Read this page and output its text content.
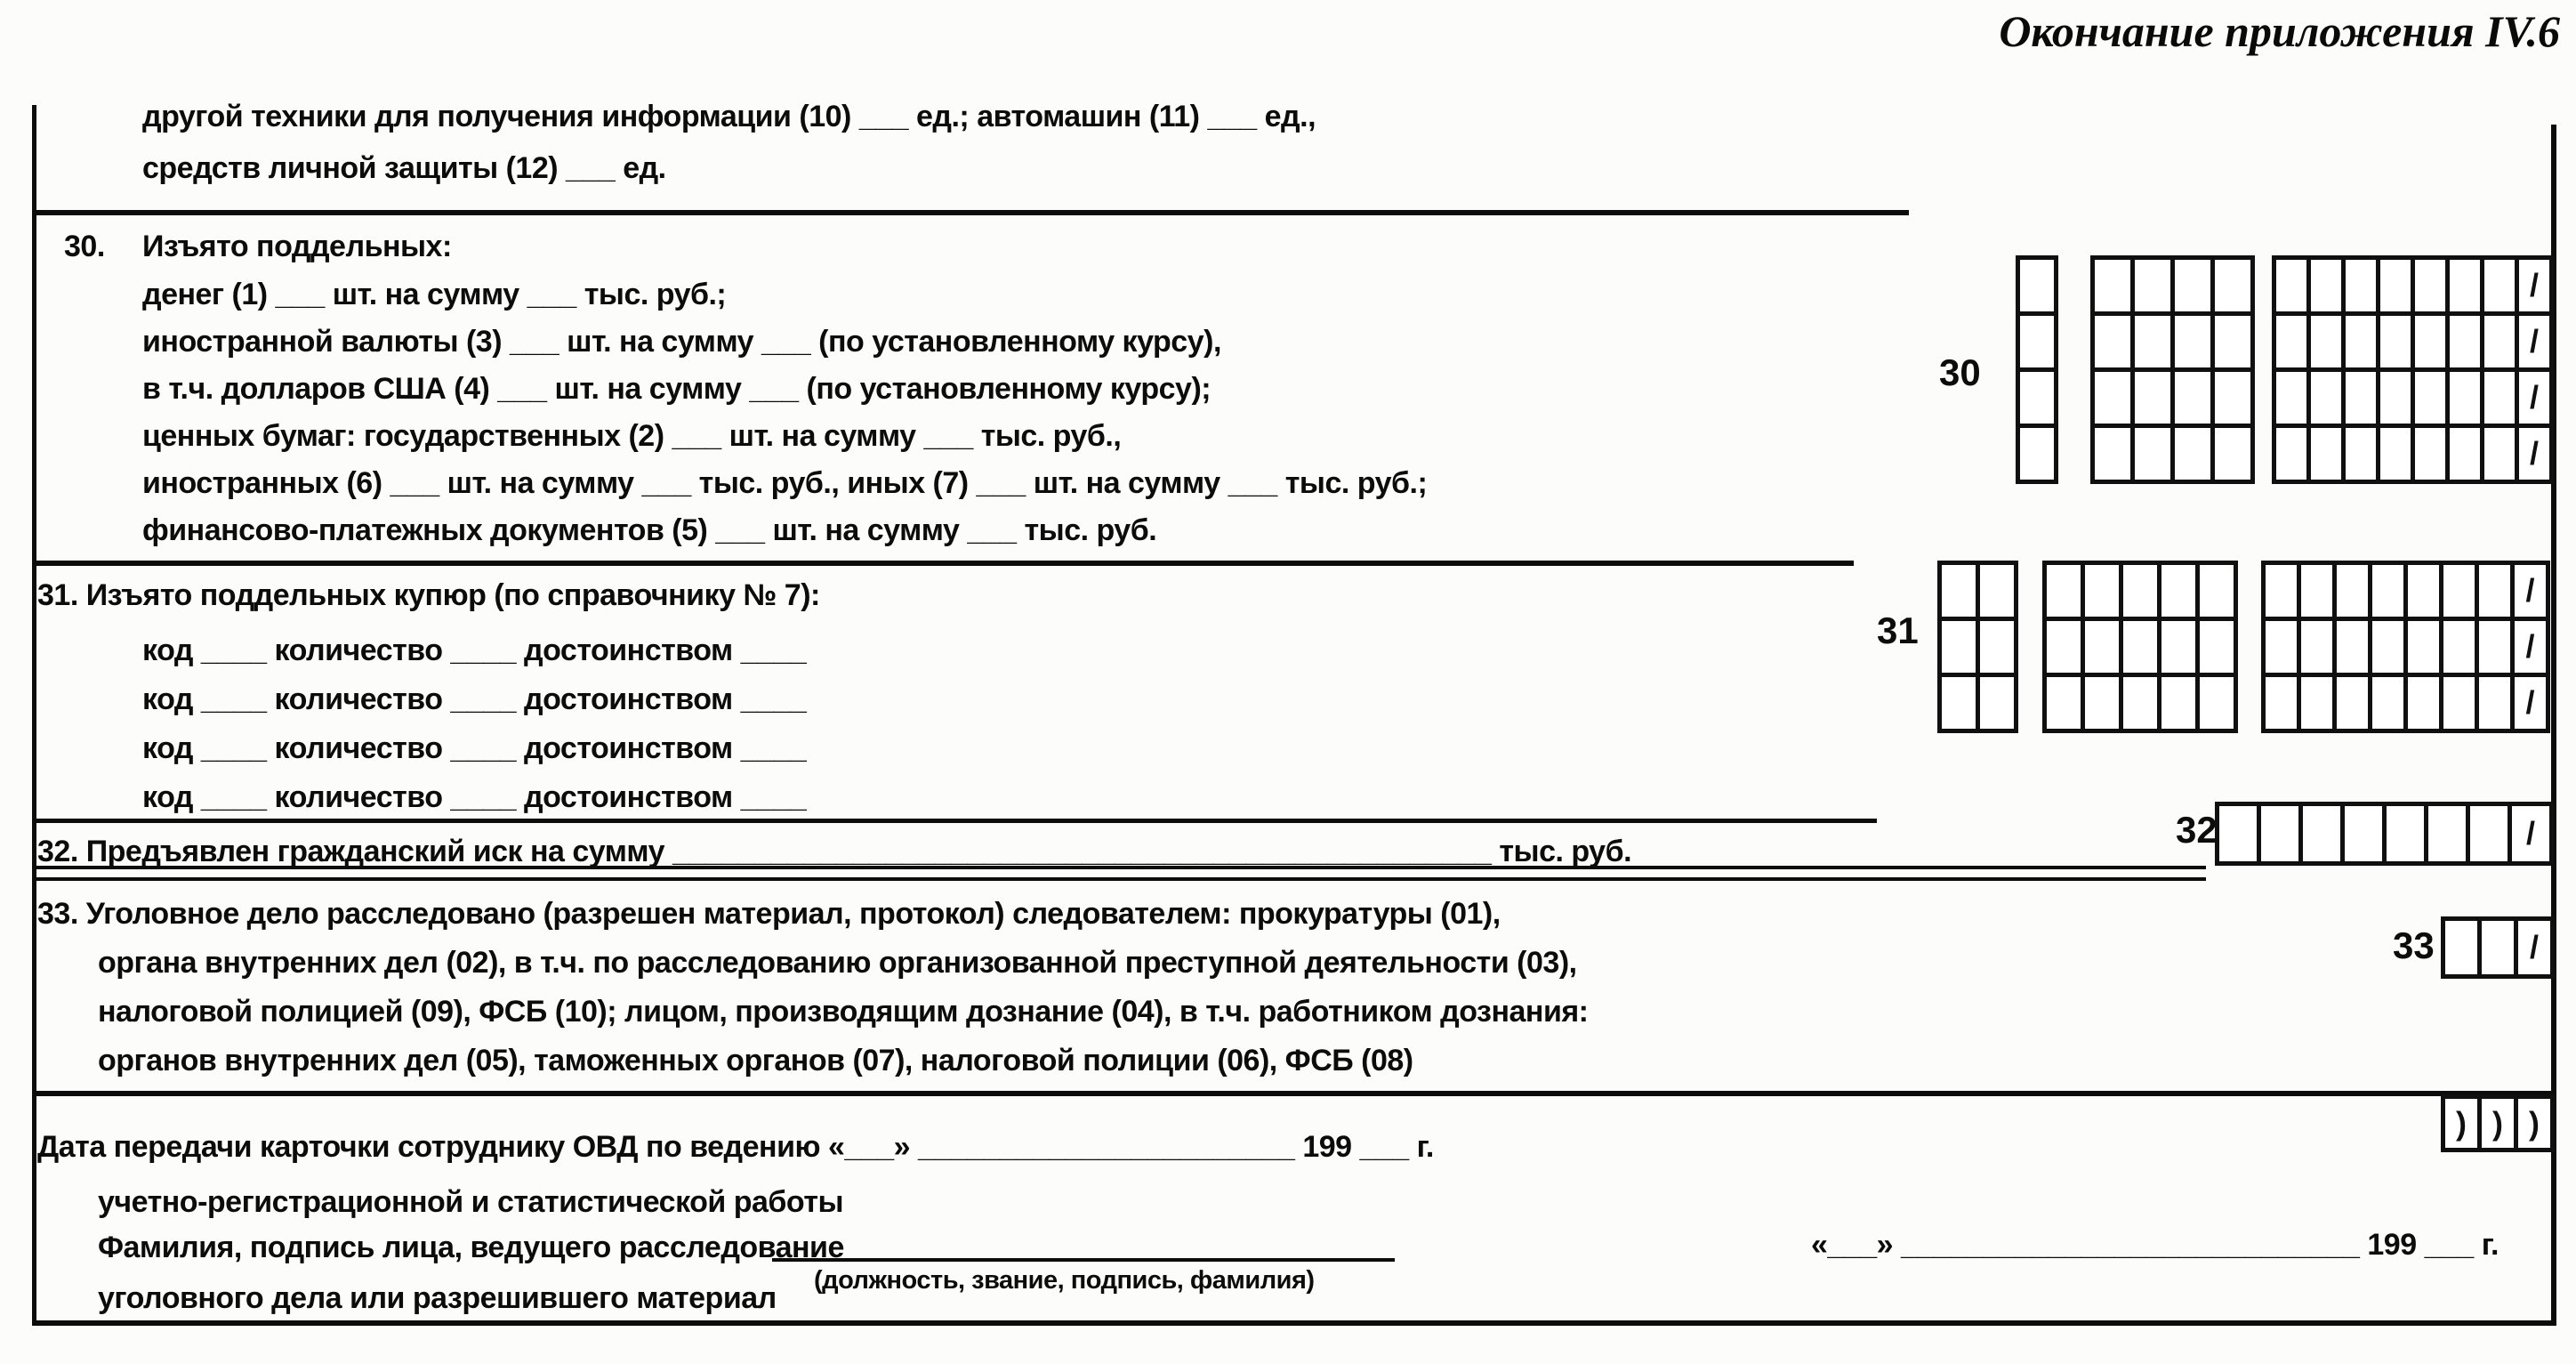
Окончание приложения IV.6
другой техники для получения информации (10) ___ ед.; автомашин (11) ___ ед.,
средств личной защиты (12) ___ ед.
30. Изъято поддельных:
денег (1) ___ шт. на сумму ___ тыс. руб.;
иностранной валюты (3) ___ шт. на сумму ___ (по установленному курсу),
в т.ч. долларов США (4) ___ шт. на сумму ___ (по установленному курсу);
ценных бумаг: государственных (2) ___ шт. на сумму ___ тыс. руб.,
иностранных (6) ___ шт. на сумму ___ тыс. руб., иных (7) ___ шт. на сумму ___ тыс. руб.;
финансово-платежных документов (5) ___ шт. на сумму ___ тыс. руб.
30

							/
							/
							/
							/
31. Изъято поддельных купюр (по справочнику № 7):
код ____ количество ____ достоинством ____
код ____ количество ____ достоинством ____
код ____ количество ____ достоинством ____
код ____ количество ____ достоинством ____
31

							/
							/
							/
32. Предъявлен гражданский иск на сумму __________________________________________________ тыс. руб.
32
								/
33. Уголовное дело расследовано (разрешен материал, протокол) следователем: прокуратуры (01),
органа внутренних дел (02), в т.ч. по расследованию организованной преступной деятельности (03),
налоговой полицией (09), ФСБ (10); лицом, производящим дознание (04), в т.ч. работником дознания:
органов внутренних дел (05), таможенных органов (07), налоговой полиции (06), ФСБ (08)
33
			/
)	)	)
Дата передачи карточки сотруднику ОВД по ведению «___» _______________________ 199 ___ г.
учетно-регистрационной и статистической работы
Фамилия, подпись лица, ведущего расследование
уголовного дела или разрешившего материал
(должность, звание, подпись, фамилия)
«___» ____________________________ 199 ___ г.
